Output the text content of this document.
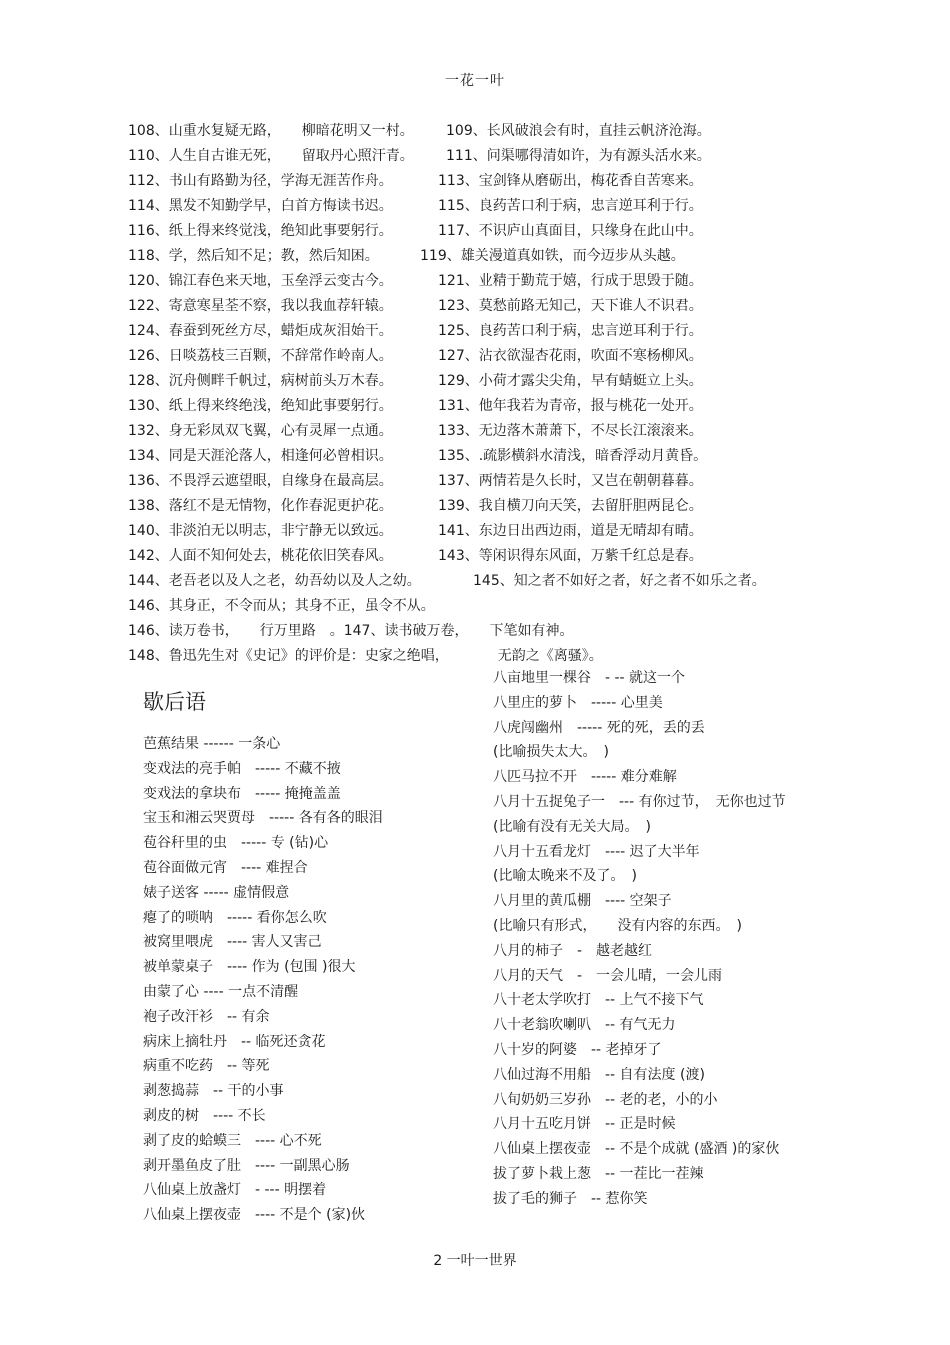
一花一叶
108、山重水复疑无路，　　柳暗花明又一村。 109、长风破浪会有时，直挂云帆济沧海。
110、人生自古谁无死，　　留取丹心照汗青。 111、问渠哪得清如许，为有源头活水来。
112、书山有路勤为径，学海无涯苦作舟。	113、宝剑锋从磨砺出，梅花香自苦寒来。
114、黑发不知勤学早，白首方悔读书迟。	115、良药苦口利于病，忠言逆耳利于行。
116、纸上得来终觉浅，绝知此事要躬行。	117、不识庐山真面目，只缘身在此山中。
118、学，然后知不足；教，然后知困。	119、雄关漫道真如铁，而今迈步从头越。
120、锦江春色来天地，玉垒浮云变古今。	121、业精于勤荒于嬉，行成于思毁于随。
122、寄意寒星荃不察，我以我血荐轩辕。	123、莫愁前路无知己，天下谁人不识君。
124、春蚕到死丝方尽，蜡炬成灰泪始干。	125、良药苦口利于病，忠言逆耳利于行。
126、日啖荔枝三百颗，不辞常作岭南人。	127、沾衣欲湿杏花雨，吹面不寒杨柳风。
128、沉舟侧畔千帆过，病树前头万木春。	129、小荷才露尖尖角，早有蜻蜓立上头。
130、纸上得来终绝浅，绝知此事要躬行。	131、他年我若为青帝，报与桃花一处开。
132、身无彩凤双飞翼，心有灵犀一点通。	133、无边落木萧萧下，不尽长江滚滚来。
134、同是天涯沦落人，相逢何必曾相识。	135、.疏影横斜水清浅，暗香浮动月黄昏。
136、不畏浮云遮望眼，自缘身在最高层。	137、两情若是久长时，又岂在朝朝暮暮。
138、落红不是无情物，化作春泥更护花。	139、我自横刀向天笑，去留肝胆两昆仑。
140、非淡泊无以明志，非宁静无以致远。	141、东边日出西边雨，道是无晴却有晴。
142、人面不知何处去，桃花依旧笑春风。	143、等闲识得东风面，万紫千红总是春。
144、老吾老以及人之老，幼吾幼以及人之幼。	145、知之者不如好之者，好之者不如乐之者。
146、其身正，不令而从；其身不正，虽令不从。
146、读万卷书，　　行万里路　。147、读书破万卷，　　下笔如有神。
148、鲁迅先生对《史记》的评价是：史家之绝唱，　　　　无韵之《离骚》。
歇后语
芭蕉结果 ------ 一条心
变戏法的亮手帕　----- 不藏不掖
变戏法的拿块布　----- 掩掩盖盖
宝玉和湘云哭贾母　----- 各有各的眼泪
苞谷秆里的虫　----- 专 (钻)心
苞谷面做元宵　---- 难捏合
婊子送客 ----- 虚情假意
瘪了的唢呐　----- 看你怎么吹
被窝里喂虎　---- 害人又害己
被单蒙桌子　---- 作为 (包围 )很大
由蒙了心 ---- 一点不清醒
袍子改汗衫　-- 有余
病床上摘牡丹　-- 临死还贪花
病重不吃药　-- 等死
剥葱捣蒜　-- 干的小事
剥皮的树　---- 不长
剥了皮的蛤蟆三　---- 心不死
剥开墨鱼皮了肚　---- 一副黑心肠
八仙桌上放盏灯　- --- 明摆着
八仙桌上摆夜壶　---- 不是个 (家)伙
八亩地里一棵谷　- -- 就这一个
八里庄的萝卜　----- 心里美
八虎闯幽州　----- 死的死，丢的丢
(比喻损失太大。　)
八匹马拉不开　----- 难分难解
八月十五捉兔子一　--- 有你过节，　无你也过节
(比喻有没有无关大局。　)
八月十五看龙灯　---- 迟了大半年
(比喻太晚来不及了。　)
八月里的黄瓜棚　---- 空架子
(比喻只有形式，　　没有内容的东西。　)
八月的柿子　-　越老越红
八月的天气　-　一会儿晴，一会儿雨
八十老太学吹打　-- 上气不接下气
八十老翁吹喇叭　-- 有气无力
八十岁的阿婆　-- 老掉牙了
八仙过海不用船　-- 自有法度 (渡)
八旬奶奶三岁孙　-- 老的老，小的小
八月十五吃月饼　-- 正是时候
八仙桌上摆夜壶　-- 不是个成就 (盛酒 )的家伙
拔了萝卜栽上葱　-- 一茬比一茬辣
拔了毛的狮子　-- 惹你笑
2 一叶一世界
